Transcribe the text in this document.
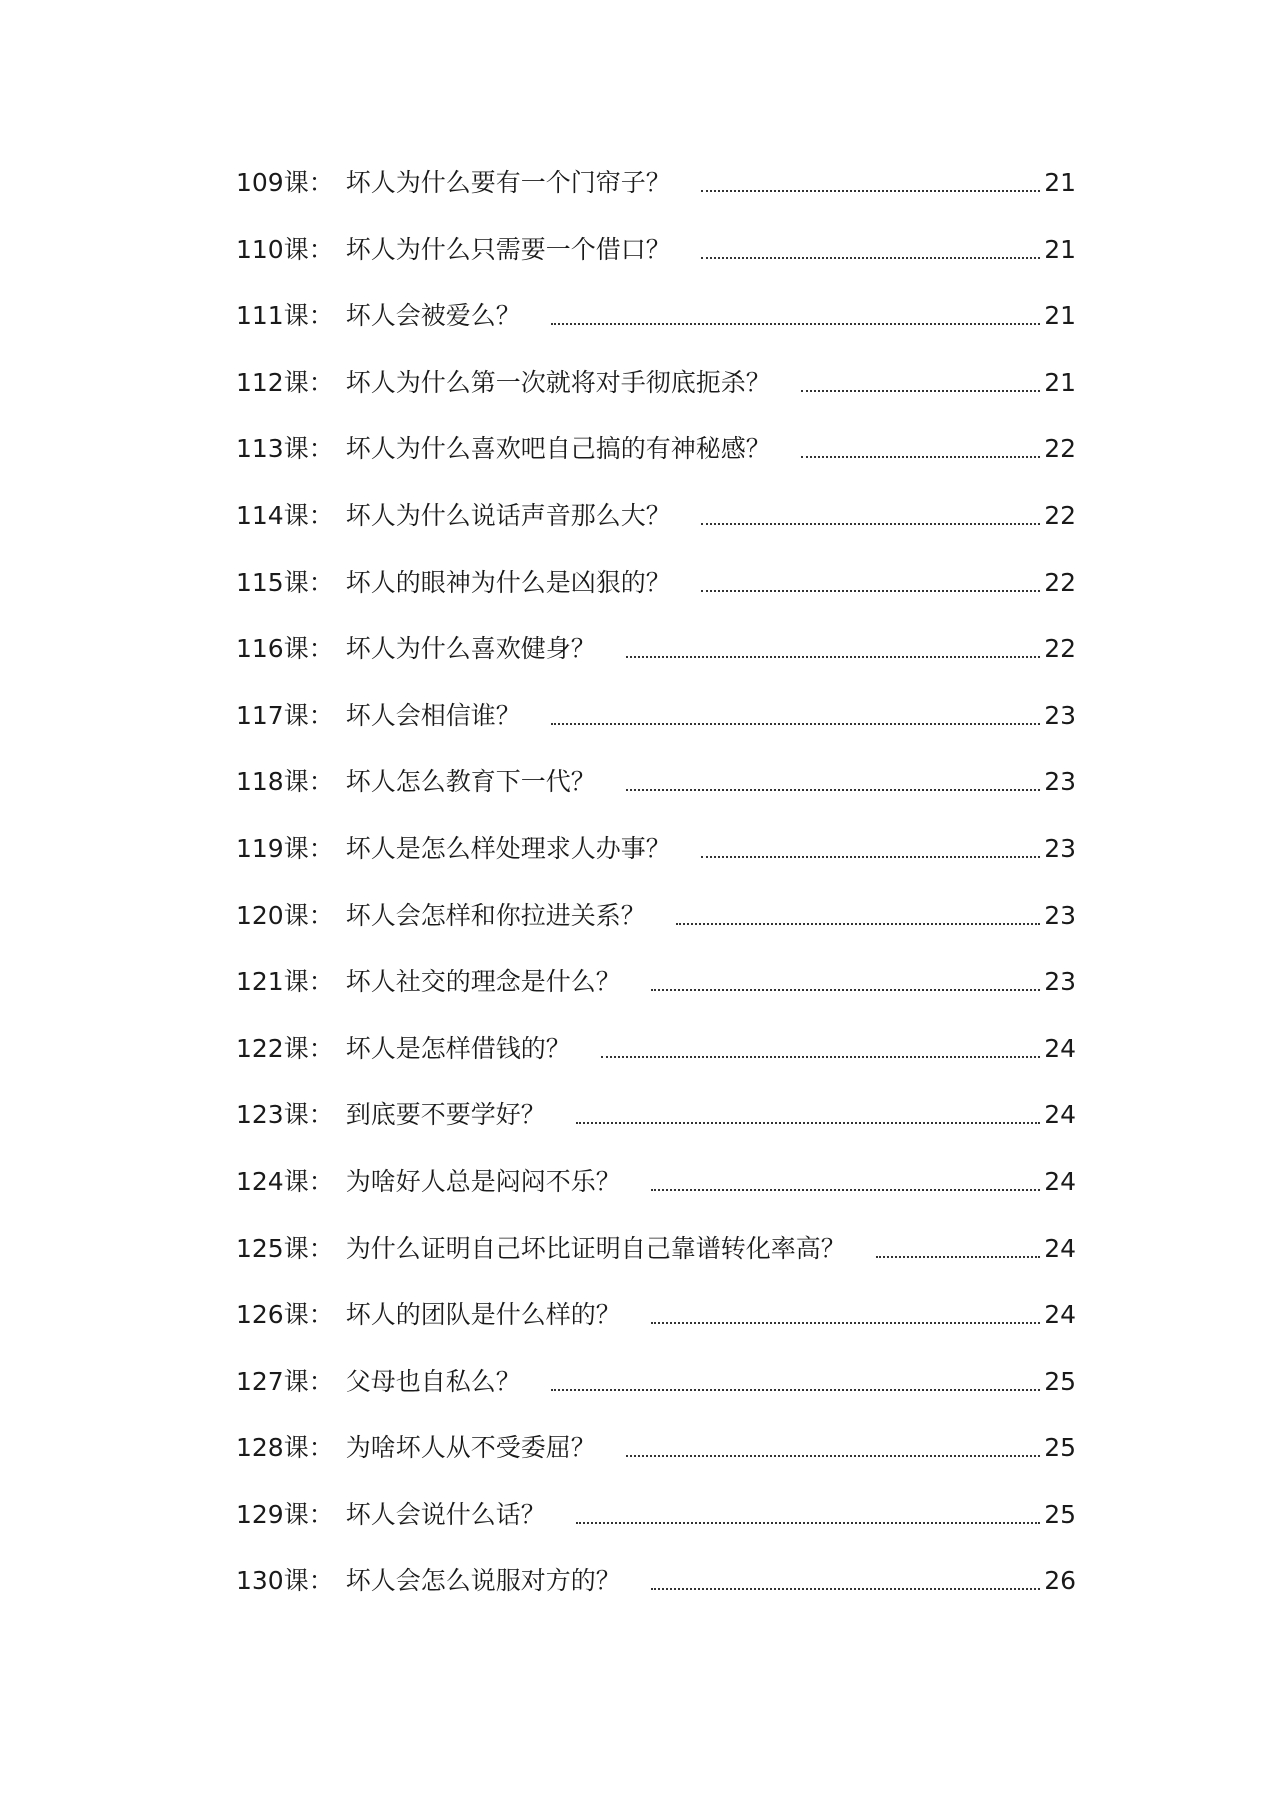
109 课： 坏人为什么要有一个门帘子？	21
110 课： 坏人为什么只需要一个借口？	21
111 课： 坏人会被爱么？	21
112 课： 坏人为什么第一次就将对手彻底扼杀？	21
113 课： 坏人为什么喜欢吧自己搞的有神秘感？	22
114 课： 坏人为什么说话声音那么大？	22
115 课： 坏人的眼神为什么是凶狠的？	22
116 课： 坏人为什么喜欢健身？	22
117 课： 坏人会相信谁？	23
118 课： 坏人怎么教育下一代？	23
119 课： 坏人是怎么样处理求人办事？	23
120 课： 坏人会怎样和你拉进关系？	23
121 课： 坏人社交的理念是什么？	23
122 课： 坏人是怎样借钱的？	24
123 课： 到底要不要学好？	24
124 课： 为啥好人总是闷闷不乐？	24
125 课： 为什么证明自己坏比证明自己靠谱转化率高？	24
126 课： 坏人的团队是什么样的？	24
127 课： 父母也自私么？	25
128 课： 为啥坏人从不受委屈？	25
129 课： 坏人会说什么话？	25
130 课： 坏人会怎么说服对方的？	26
